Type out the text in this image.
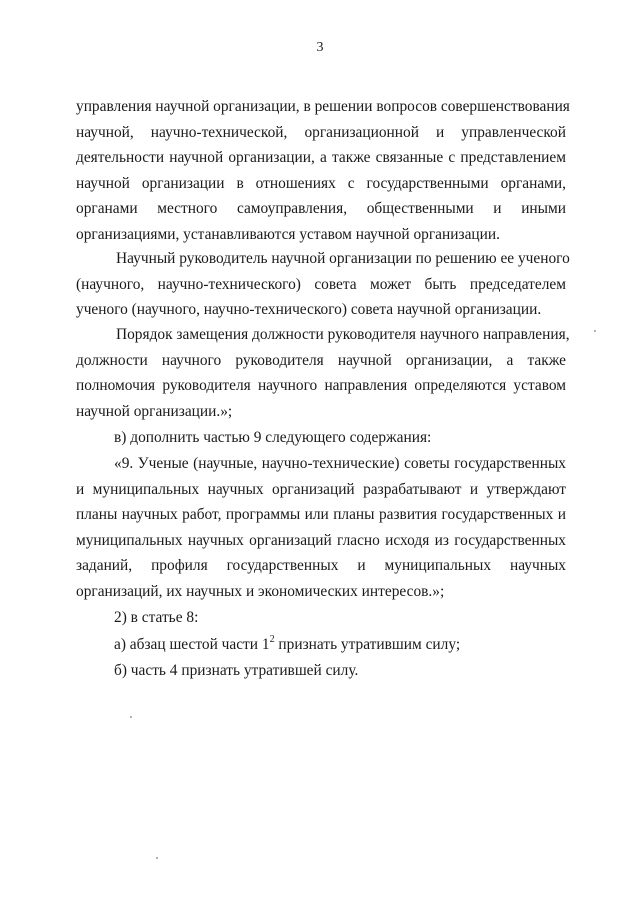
3
управления научной организации, в решении вопросов совершенствования
научной, научно-технической, организационной и управленческой
деятельности научной организации, а также связанные с представлением
научной организации в отношениях с государственными органами,
органами местного самоуправления, общественными и иными
организациями, устанавливаются уставом научной организации.
Научный руководитель научной организации по решению ее ученого
(научного, научно-технического) совета может быть председателем
ученого (научного, научно-технического) совета научной организации.
Порядок замещения должности руководителя научного направления,
должности научного руководителя научной организации, а также
полномочия руководителя научного направления определяются уставом
научной организации.»;
в) дополнить частью 9 следующего содержания:
«9. Ученые (научные, научно-технические) советы государственных
и муниципальных научных организаций разрабатывают и утверждают
планы научных работ, программы или планы развития государственных и
муниципальных научных организаций гласно исходя из государственных
заданий, профиля государственных и муниципальных научных
организаций, их научных и экономических интересов.»;
2) в статье 8:
а) абзац шестой части $1^2$ признать утратившим силу;
б) часть 4 признать утратившей силу.
